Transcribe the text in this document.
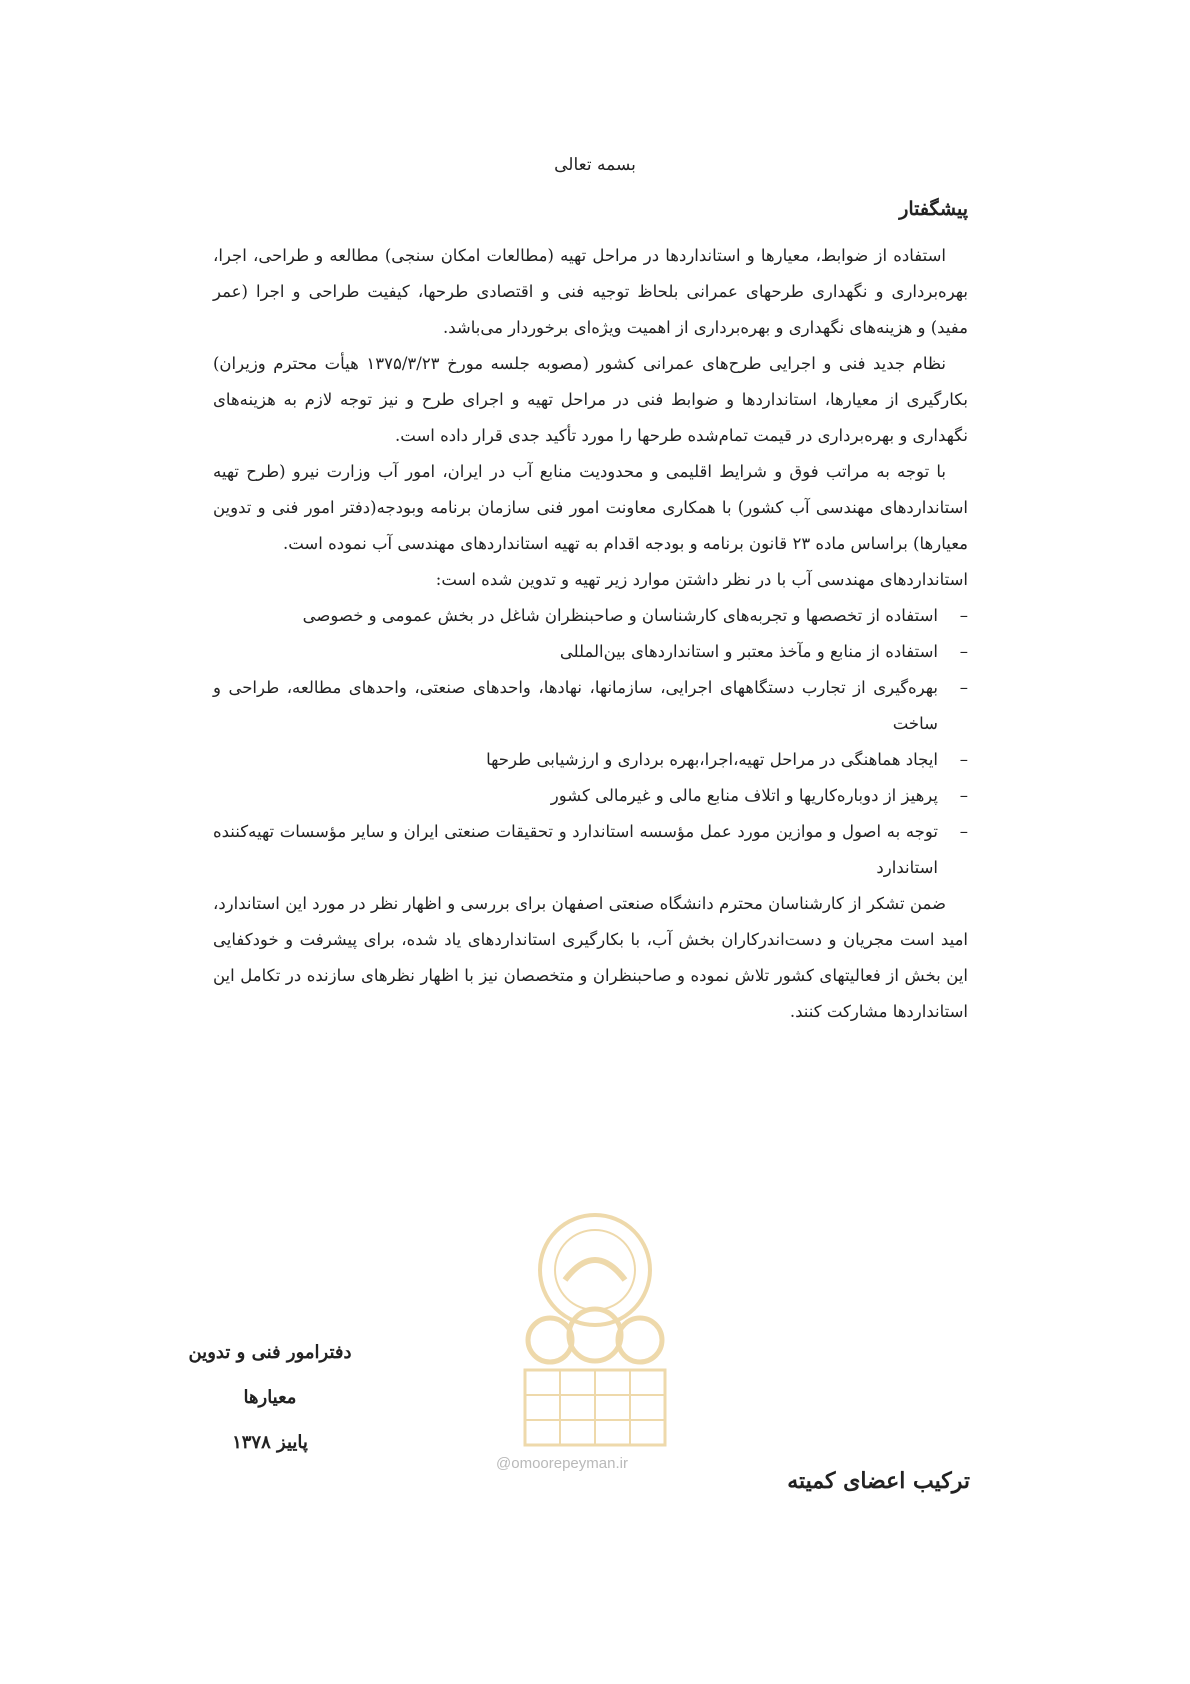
بسمه تعالی
پیشگفتار

استفاده از ضوابط، معیارها و استانداردها در مراحل تهیه (مطالعات امکان سنجی) مطالعه و طراحی، اجرا، بهره‌برداری و نگهداری طرحهای عمرانی بلحاظ توجیه فنی و اقتصادی طرحها، کیفیت طراحی و اجرا (عمر مفید) و هزینه‌های نگهداری و بهره‌برداری از اهمیت ویژه‌ای برخوردار می‌باشد.

نظام جدید فنی و اجرایی طرح‌های عمرانی کشور (مصوبه جلسه مورخ ۱۳۷۵/۳/۲۳ هیأت محترم وزیران) بکارگیری از معیارها، استانداردها و ضوابط فنی در مراحل تهیه و اجرای طرح و نیز توجه لازم به هزینه‌های نگهداری و بهره‌برداری در قیمت تمام‌شده طرحها را مورد تأکید جدی قرار داده است.

با توجه به مراتب فوق و شرایط اقلیمی و محدودیت منابع آب در ایران، امور آب وزارت نیرو (طرح تهیه استانداردهای مهندسی آب کشور) با همکاری معاونت امور فنی سازمان برنامه وبودجه(دفتر امور فنی و تدوین معیارها) براساس ماده ۲۳ قانون برنامه و بودجه اقدام به تهیه استانداردهای مهندسی آب نموده است.

استانداردهای مهندسی آب با در نظر داشتن موارد زیر تهیه و تدوین شده است:

– استفاده از تخصصها و تجربه‌های کارشناسان و صاحبنظران شاغل در بخش عمومی و خصوصی
– استفاده از منابع و مآخذ معتبر و استانداردهای بین‌المللی
– بهره‌گیری از تجارب دستگاههای اجرایی، سازمانها، نهادها، واحدهای صنعتی، واحدهای مطالعه، طراحی و ساخت
– ایجاد هماهنگی در مراحل تهیه،اجرا،بهره برداری و ارزشیابی طرحها
– پرهیز از دوباره‌کاریها و اتلاف منابع مالی و غیرمالی کشور
– توجه به اصول و موازین مورد عمل مؤسسه استاندارد و تحقیقات صنعتی ایران و سایر مؤسسات تهیه‌کننده استاندارد

ضمن تشکر از کارشناسان محترم دانشگاه صنعتی اصفهان برای بررسی و اظهار نظر در مورد این استاندارد، امید است مجریان و دست‌اندرکاران بخش آب، با بکارگیری استانداردهای یاد شده، برای پیشرفت و خودکفایی این بخش از فعالیتهای کشور تلاش نموده و صاحبنظران و متخصصان نیز با اظهار نظرهای سازنده در تکامل این استانداردها مشارکت کنند.

دفترامور فنی و تدوین
معیارها
پاییز ۱۳۷۸
ترکیب اعضای کمیته
@omoorepeyman.ir
